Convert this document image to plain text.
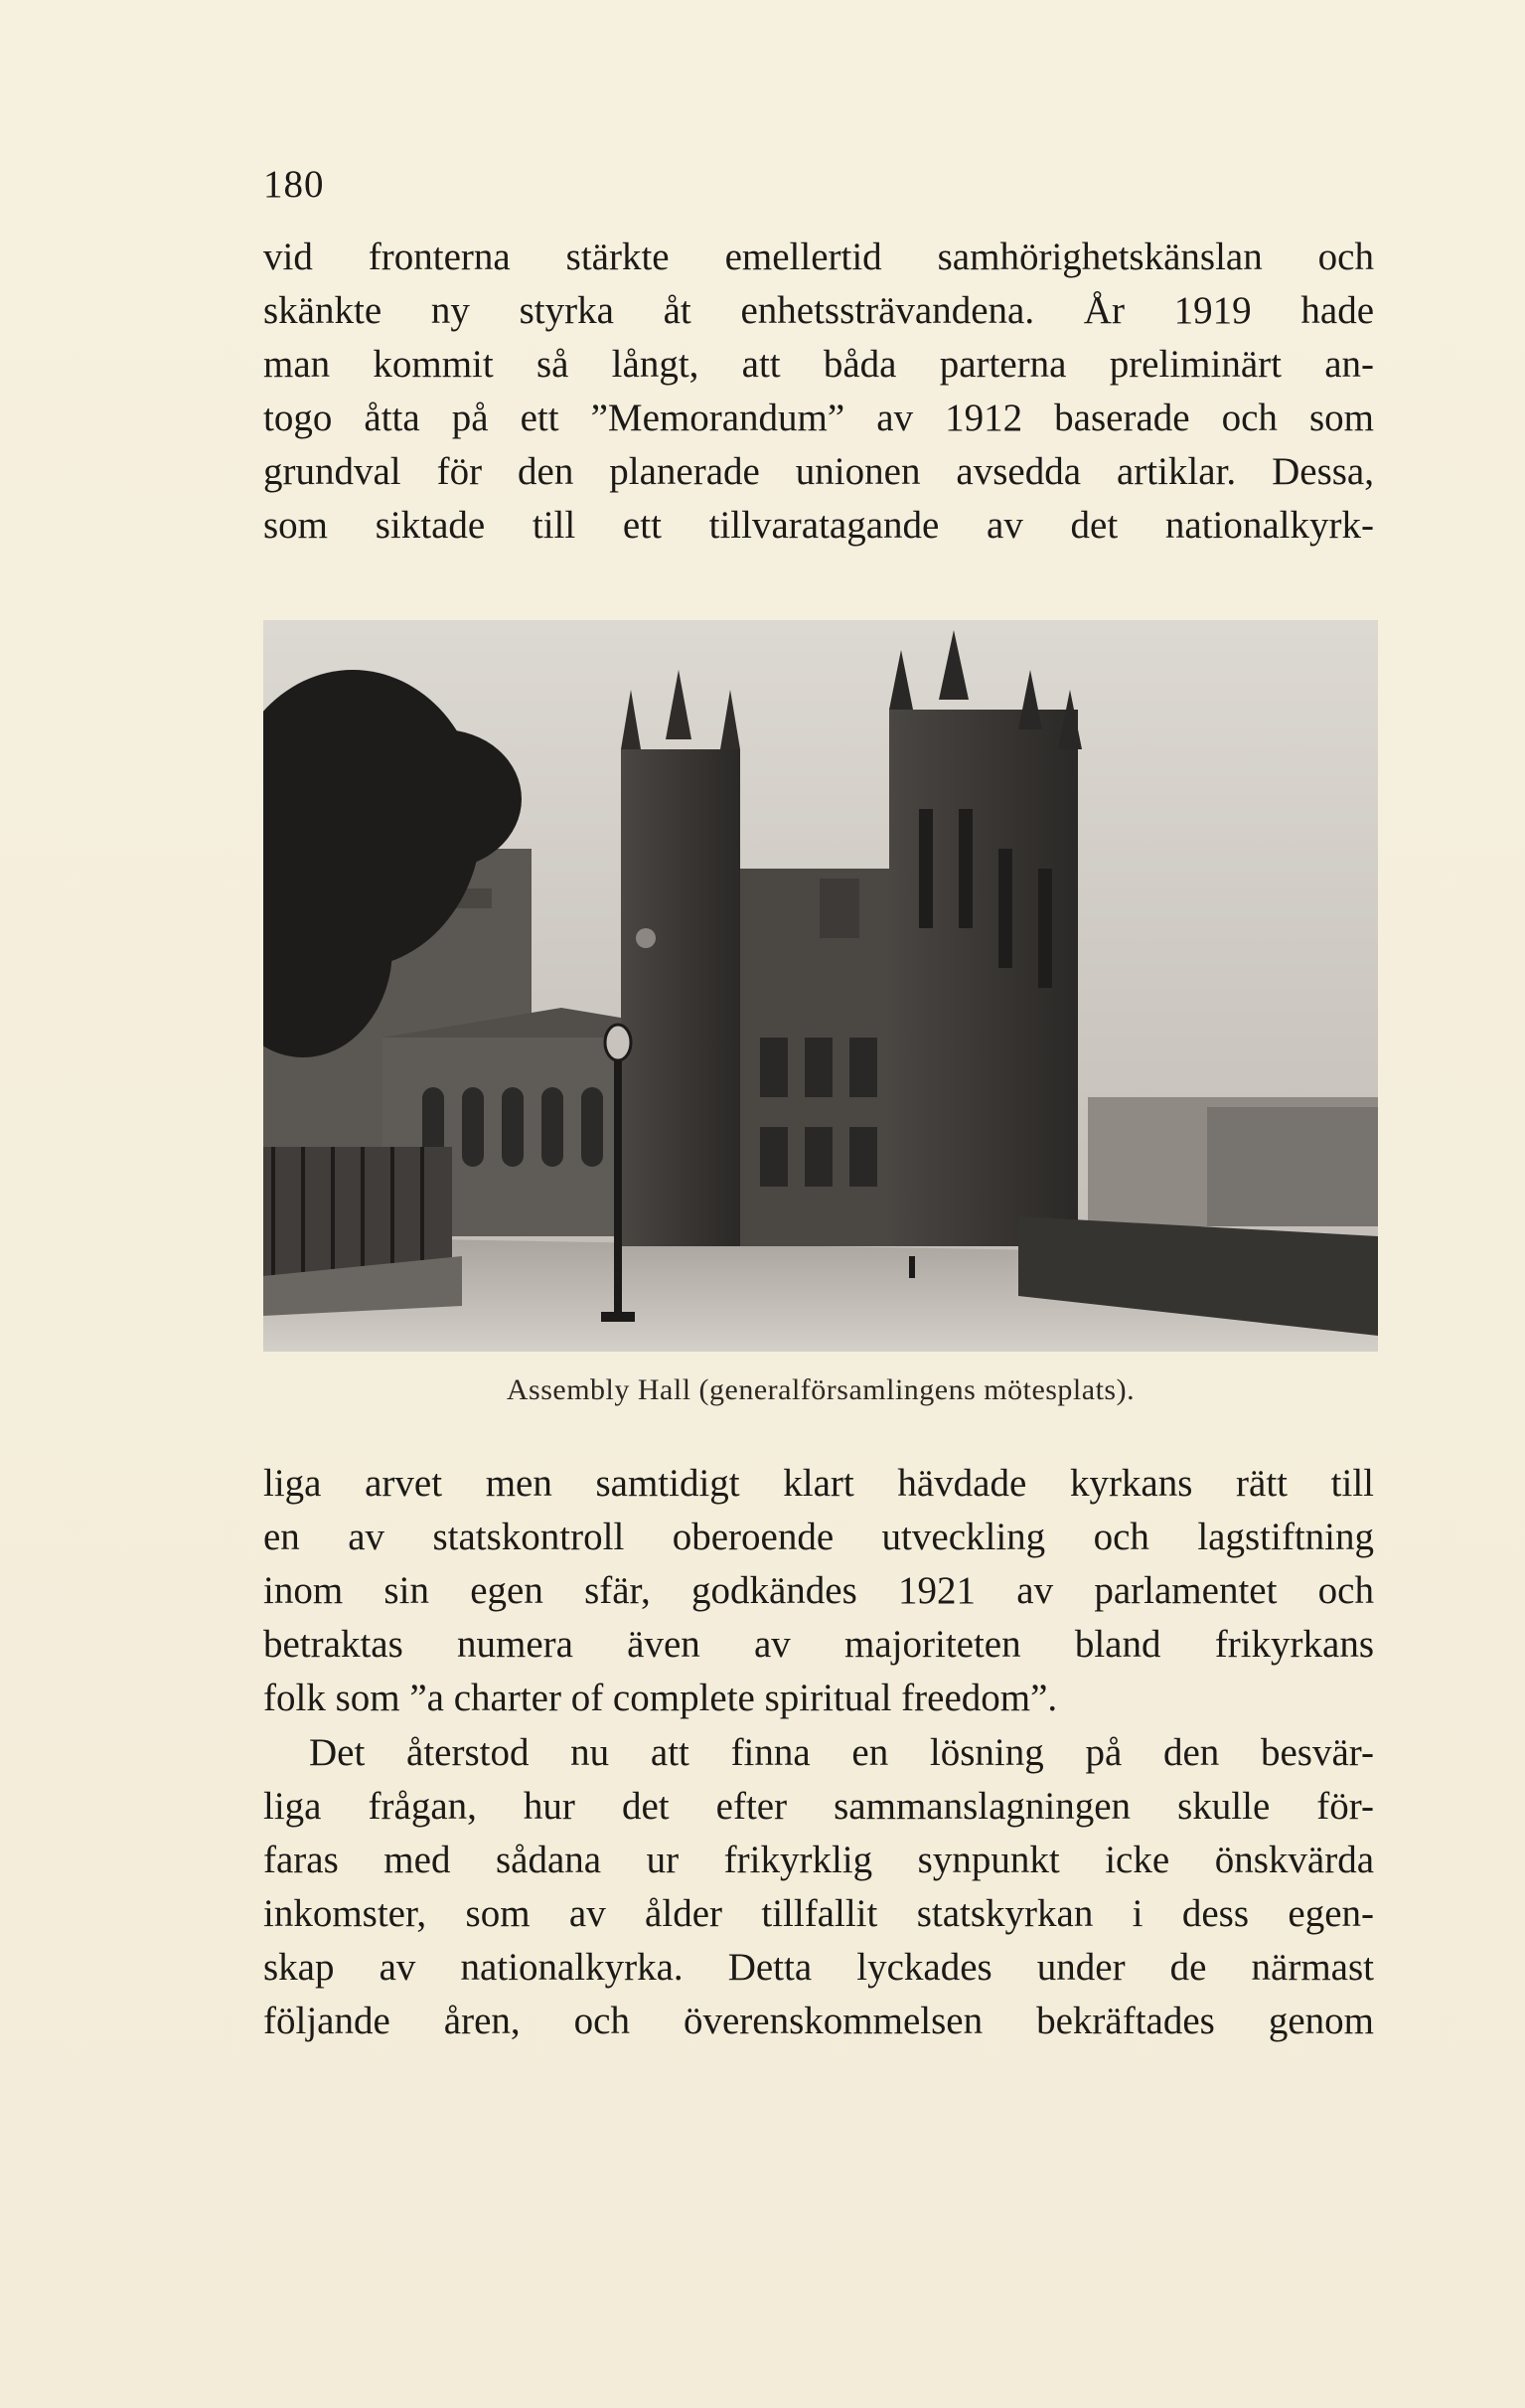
180

vid fronterna stärkte emellertid samhörighetskänslan och
skänkte ny styrka åt enhetssträvandena. År 1919 hade
man kommit så långt, att båda parterna preliminärt an-
togo åtta på ett ”Memorandum” av 1912 baserade och som
grundval för den planerade unionen avsedda artiklar. Dessa,
som siktade till ett tillvaratagande av det nationalkyrk-

Assembly Hall (generalförsamlingens mötesplats).

liga arvet men samtidigt klart hävdade kyrkans rätt till
en av statskontroll oberoende utveckling och lagstiftning
inom sin egen sfär, godkändes 1921 av parlamentet och
betraktas numera även av majoriteten bland frikyrkans
folk som ”a charter of complete spiritual freedom”.

Det återstod nu att finna en lösning på den besvär-
liga frågan, hur det efter sammanslagningen skulle för-
faras med sådana ur frikyrklig synpunkt icke önskvärda
inkomster, som av ålder tillfallit statskyrkan i dess egen-
skap av nationalkyrka. Detta lyckades under de närmast
följande åren, och överenskommelsen bekräftades genom
